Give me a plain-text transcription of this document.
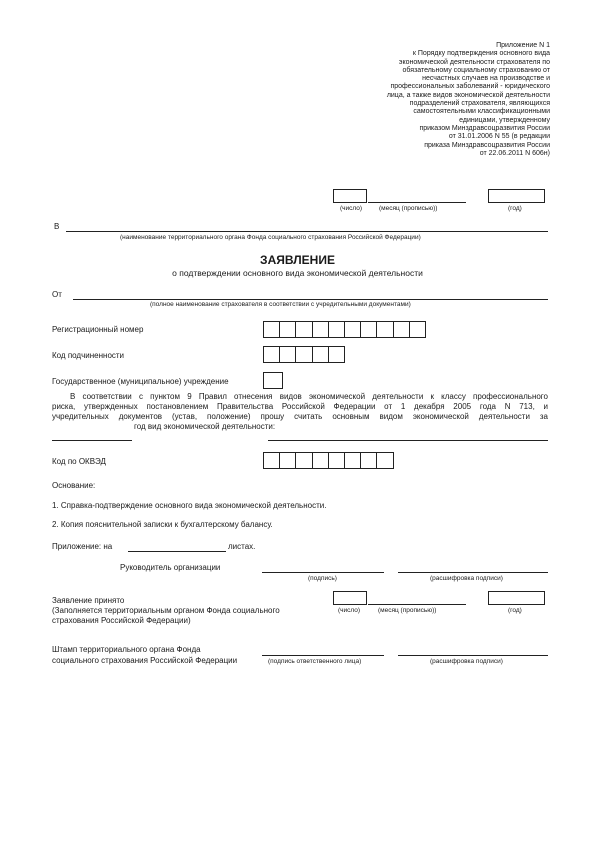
Приложение N 1
к Порядку подтверждения основного вида
экономической деятельности страхователя по
обязательному социальному страхованию от
несчастных случаев на производстве и
профессиональных заболеваний - юридического
лица, а также видов экономической деятельности
подразделений страхователя, являющихся
самостоятельными классификационными
единицами, утвержденному
приказом Минздравсоцразвития России
от 31.01.2006 N 55 (в редакции
приказа Минздравсоцразвития России
от 22.06.2011 N 606н)
(число)	(месяц (прописью))	(год)
В
(наименование территориального органа Фонда социального страхования Российской Федерации)
ЗАЯВЛЕНИЕ
о подтверждении основного вида экономической деятельности
От
(полное наименование страхователя в соответствии с учредительными документами)
Регистрационный номер
Код подчиненности
Государственное (муниципальное) учреждение
В соответствии с пунктом 9 Правил отнесения видов экономической деятельности к классу профессионального
риска, утвержденных постановлением Правительства Российской Федерации от 1 декабря 2005 года N 713, и
учредительных документов (устав, положение) прошу считать основным видом экономической деятельности за
год вид экономической деятельности:
Код по ОКВЭД
Основание:
1. Справка-подтверждение основного вида экономической деятельности.
2. Копия пояснительной записки к бухгалтерскому балансу.
Приложение: на	листах.
Руководитель организации
(подпись)	(расшифровка подписи)
Заявление принято
(Заполняется территориальным органом Фонда социального
страхования Российской Федерации)
(число)	(месяц (прописью))	(год)
Штамп территориального органа Фонда
социального страхования Российской Федерации	(подпись ответственного лица)	(расшифровка подписи)
